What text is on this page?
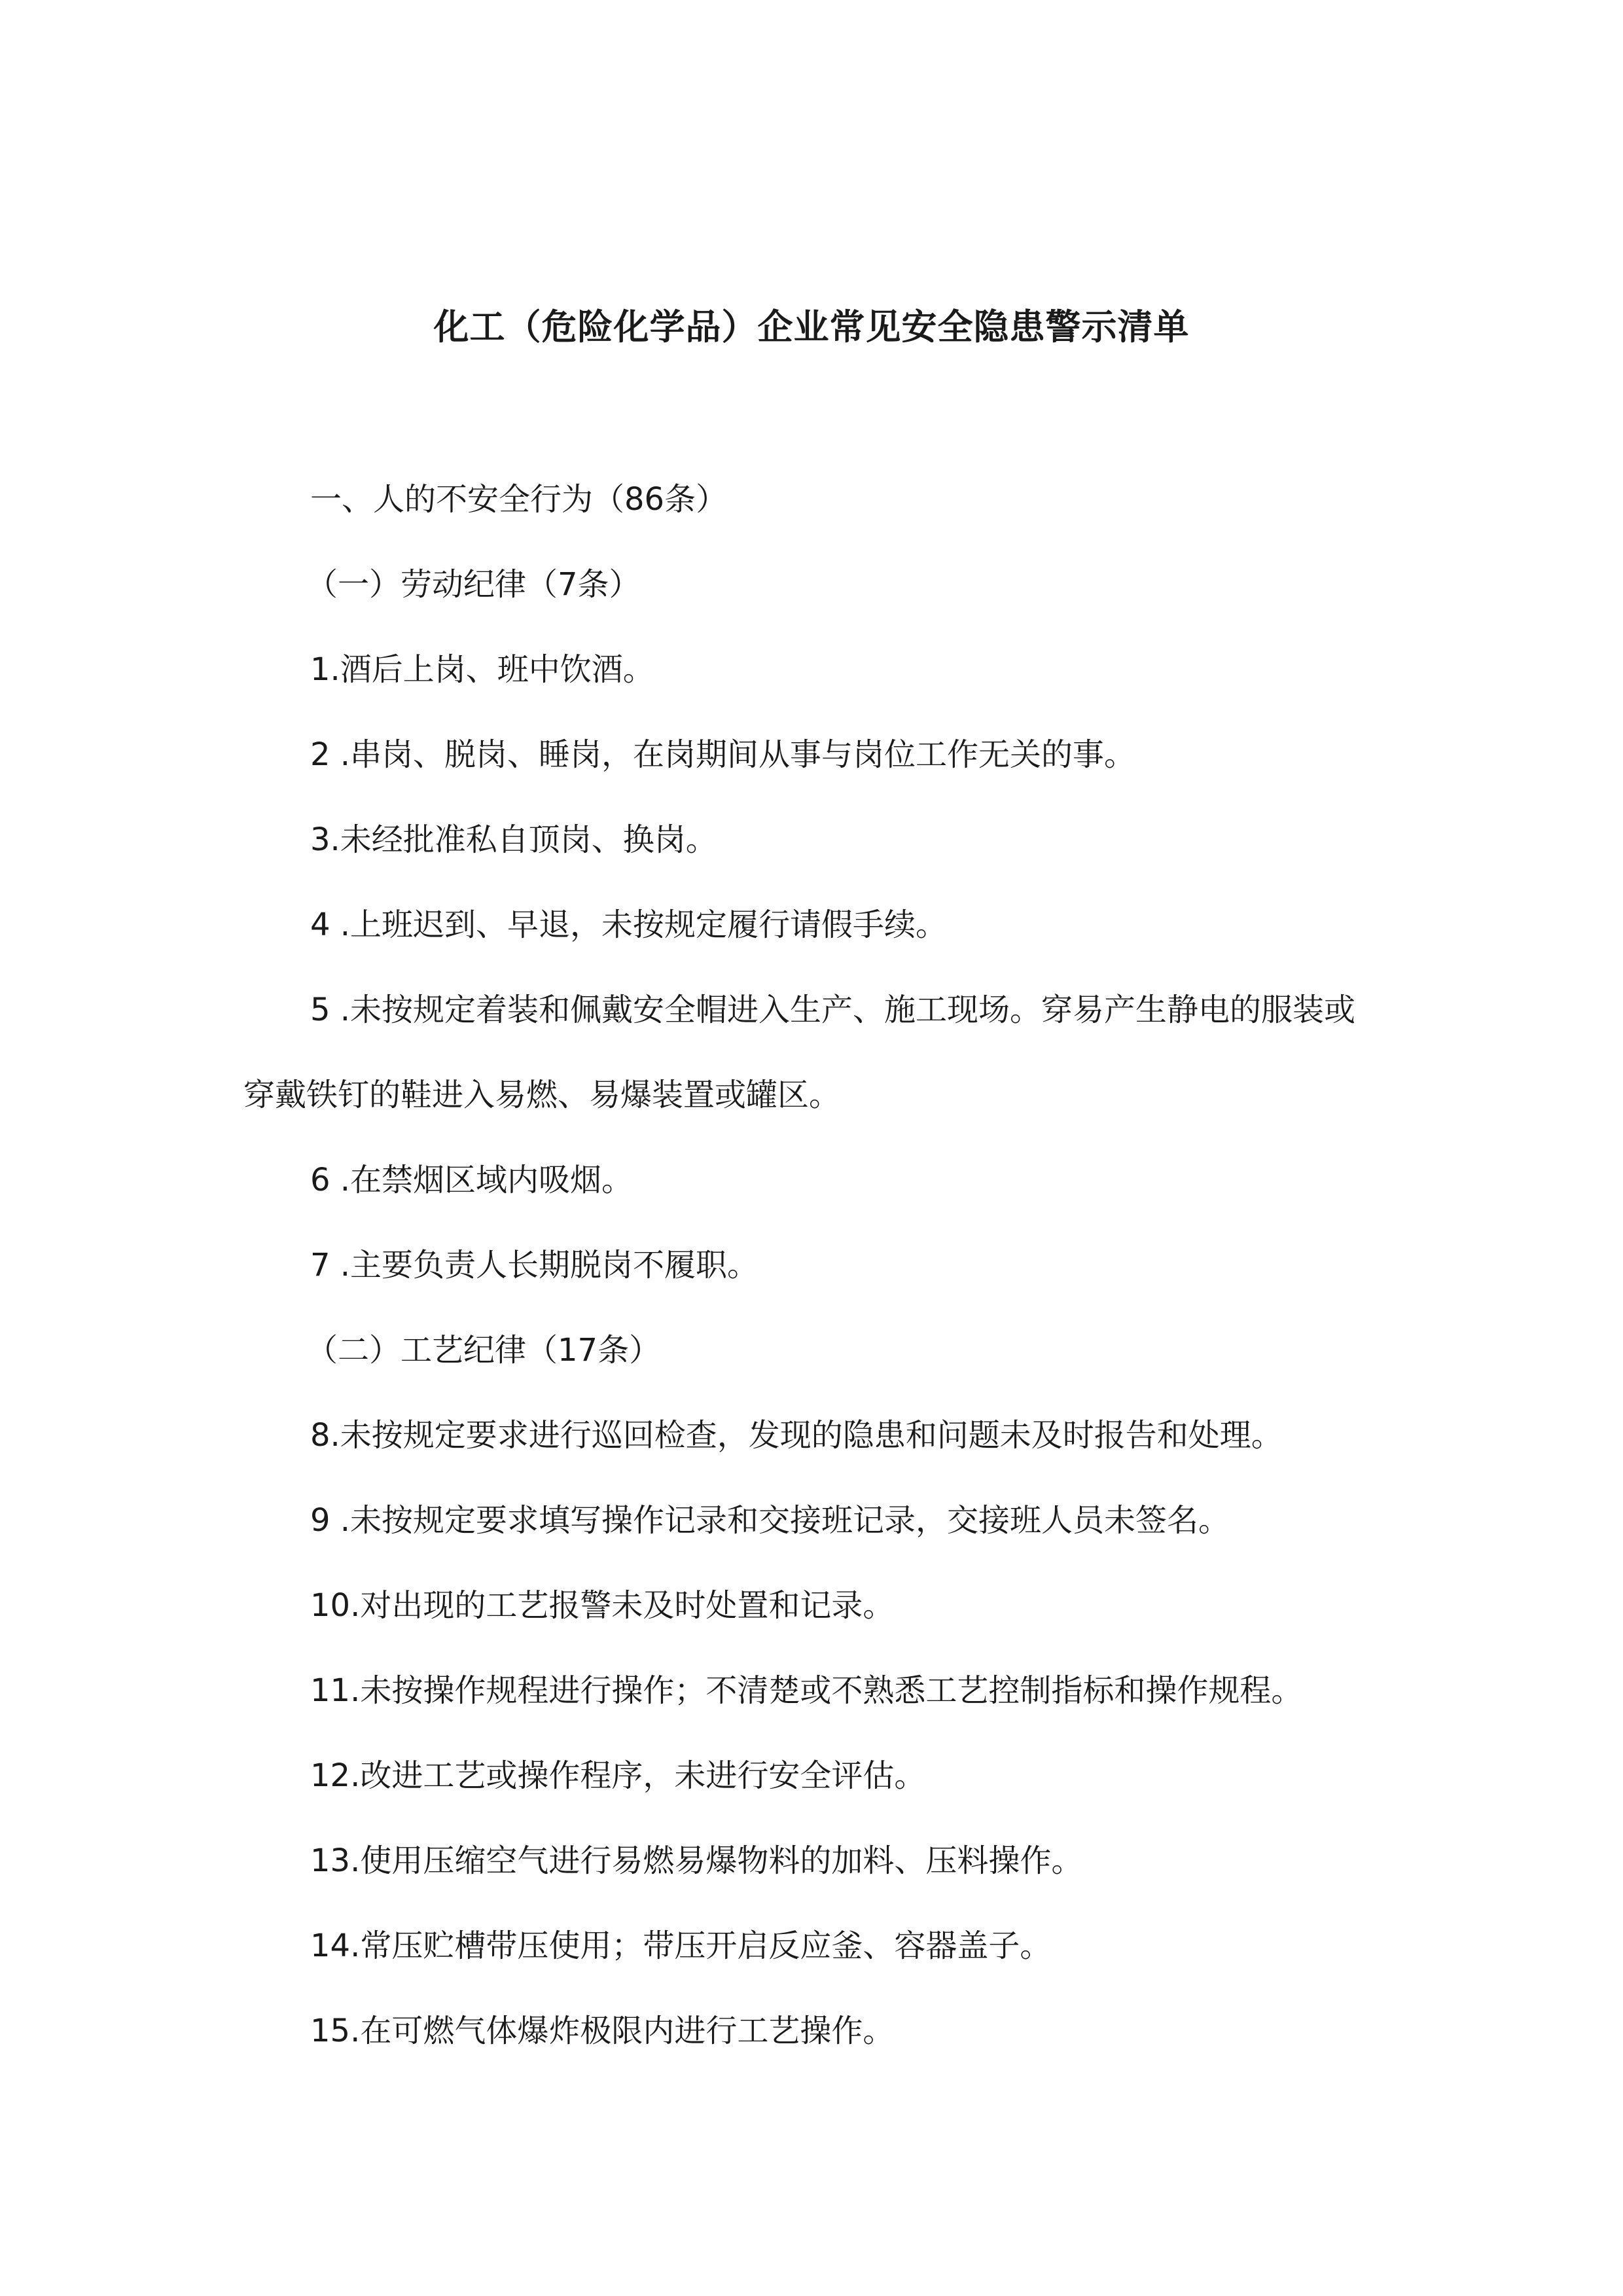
化工（危险化学品）企业常见安全隐患警示清单
一、人的不安全行为（86条）
（一）劳动纪律（7条）
1.酒后上岗、班中饮酒。
2 .串岗、脱岗、睡岗，在岗期间从事与岗位工作无关的事。
3.未经批准私自顶岗、换岗。
4 .上班迟到、早退，未按规定履行请假手续。
5 .未按规定着装和佩戴安全帽进入生产、施工现场。穿易产生静电的服装或
穿戴铁钉的鞋进入易燃、易爆装置或罐区。
6 .在禁烟区域内吸烟。
7 .主要负责人长期脱岗不履职。
（二）工艺纪律（17条）
8.未按规定要求进行巡回检查，发现的隐患和问题未及时报告和处理。
9 .未按规定要求填写操作记录和交接班记录，交接班人员未签名。
10.对出现的工艺报警未及时处置和记录。
11.未按操作规程进行操作；不清楚或不熟悉工艺控制指标和操作规程。
12.改进工艺或操作程序，未进行安全评估。
13.使用压缩空气进行易燃易爆物料的加料、压料操作。
14.常压贮槽带压使用；带压开启反应釜、容器盖子。
15.在可燃气体爆炸极限内进行工艺操作。
